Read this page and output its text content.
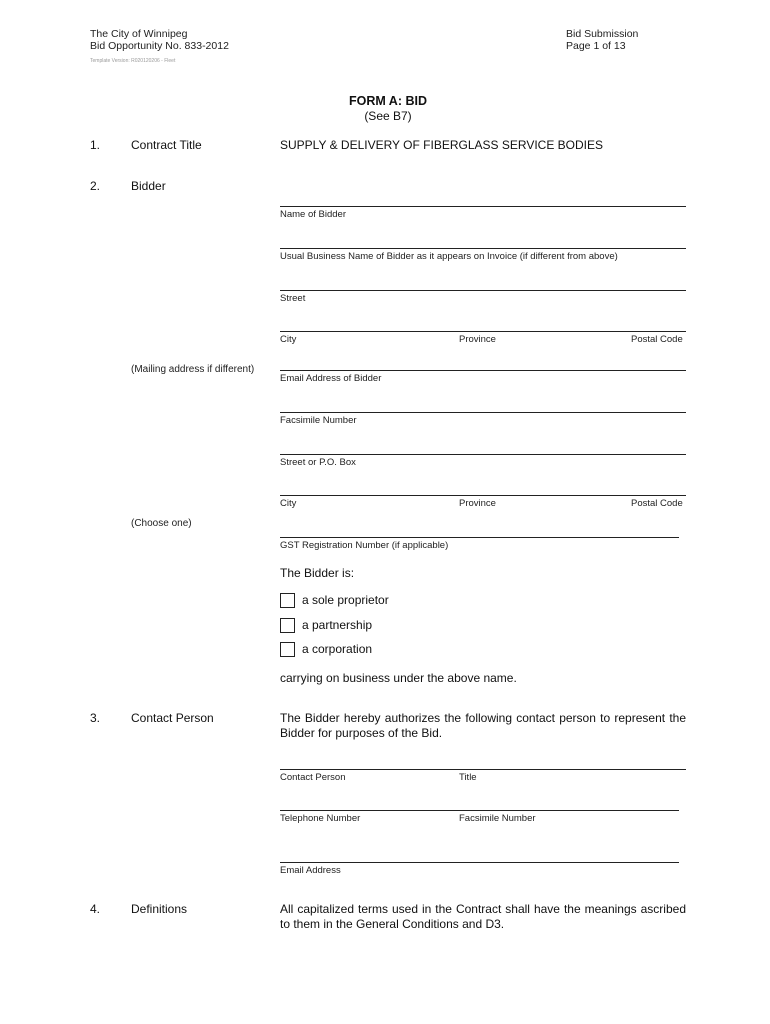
The City of Winnipeg
Bid Opportunity No. 833-2012
Template Version: R020120206 - Fleet
Bid Submission
Page 1 of 13
FORM A: BID
(See B7)
1.	Contract Title	SUPPLY & DELIVERY OF FIBERGLASS SERVICE BODIES
2.	Bidder
Name of Bidder
Usual Business Name of Bidder as it appears on Invoice (if different from above)
Street
City	Province	Postal Code
(Mailing address if different)
Email Address of Bidder
Facsimile Number
Street or P.O. Box
City	Province	Postal Code
(Choose one)
GST Registration Number (if applicable)
The Bidder is:
a sole proprietor
a partnership
a corporation
carrying on business under the above name.
3.	Contact Person	The Bidder hereby authorizes the following contact person to represent the Bidder for purposes of the Bid.
Contact Person	Title
Telephone Number	Facsimile Number
Email Address
4.	Definitions	All capitalized terms used in the Contract shall have the meanings ascribed to them in the General Conditions and D3.
